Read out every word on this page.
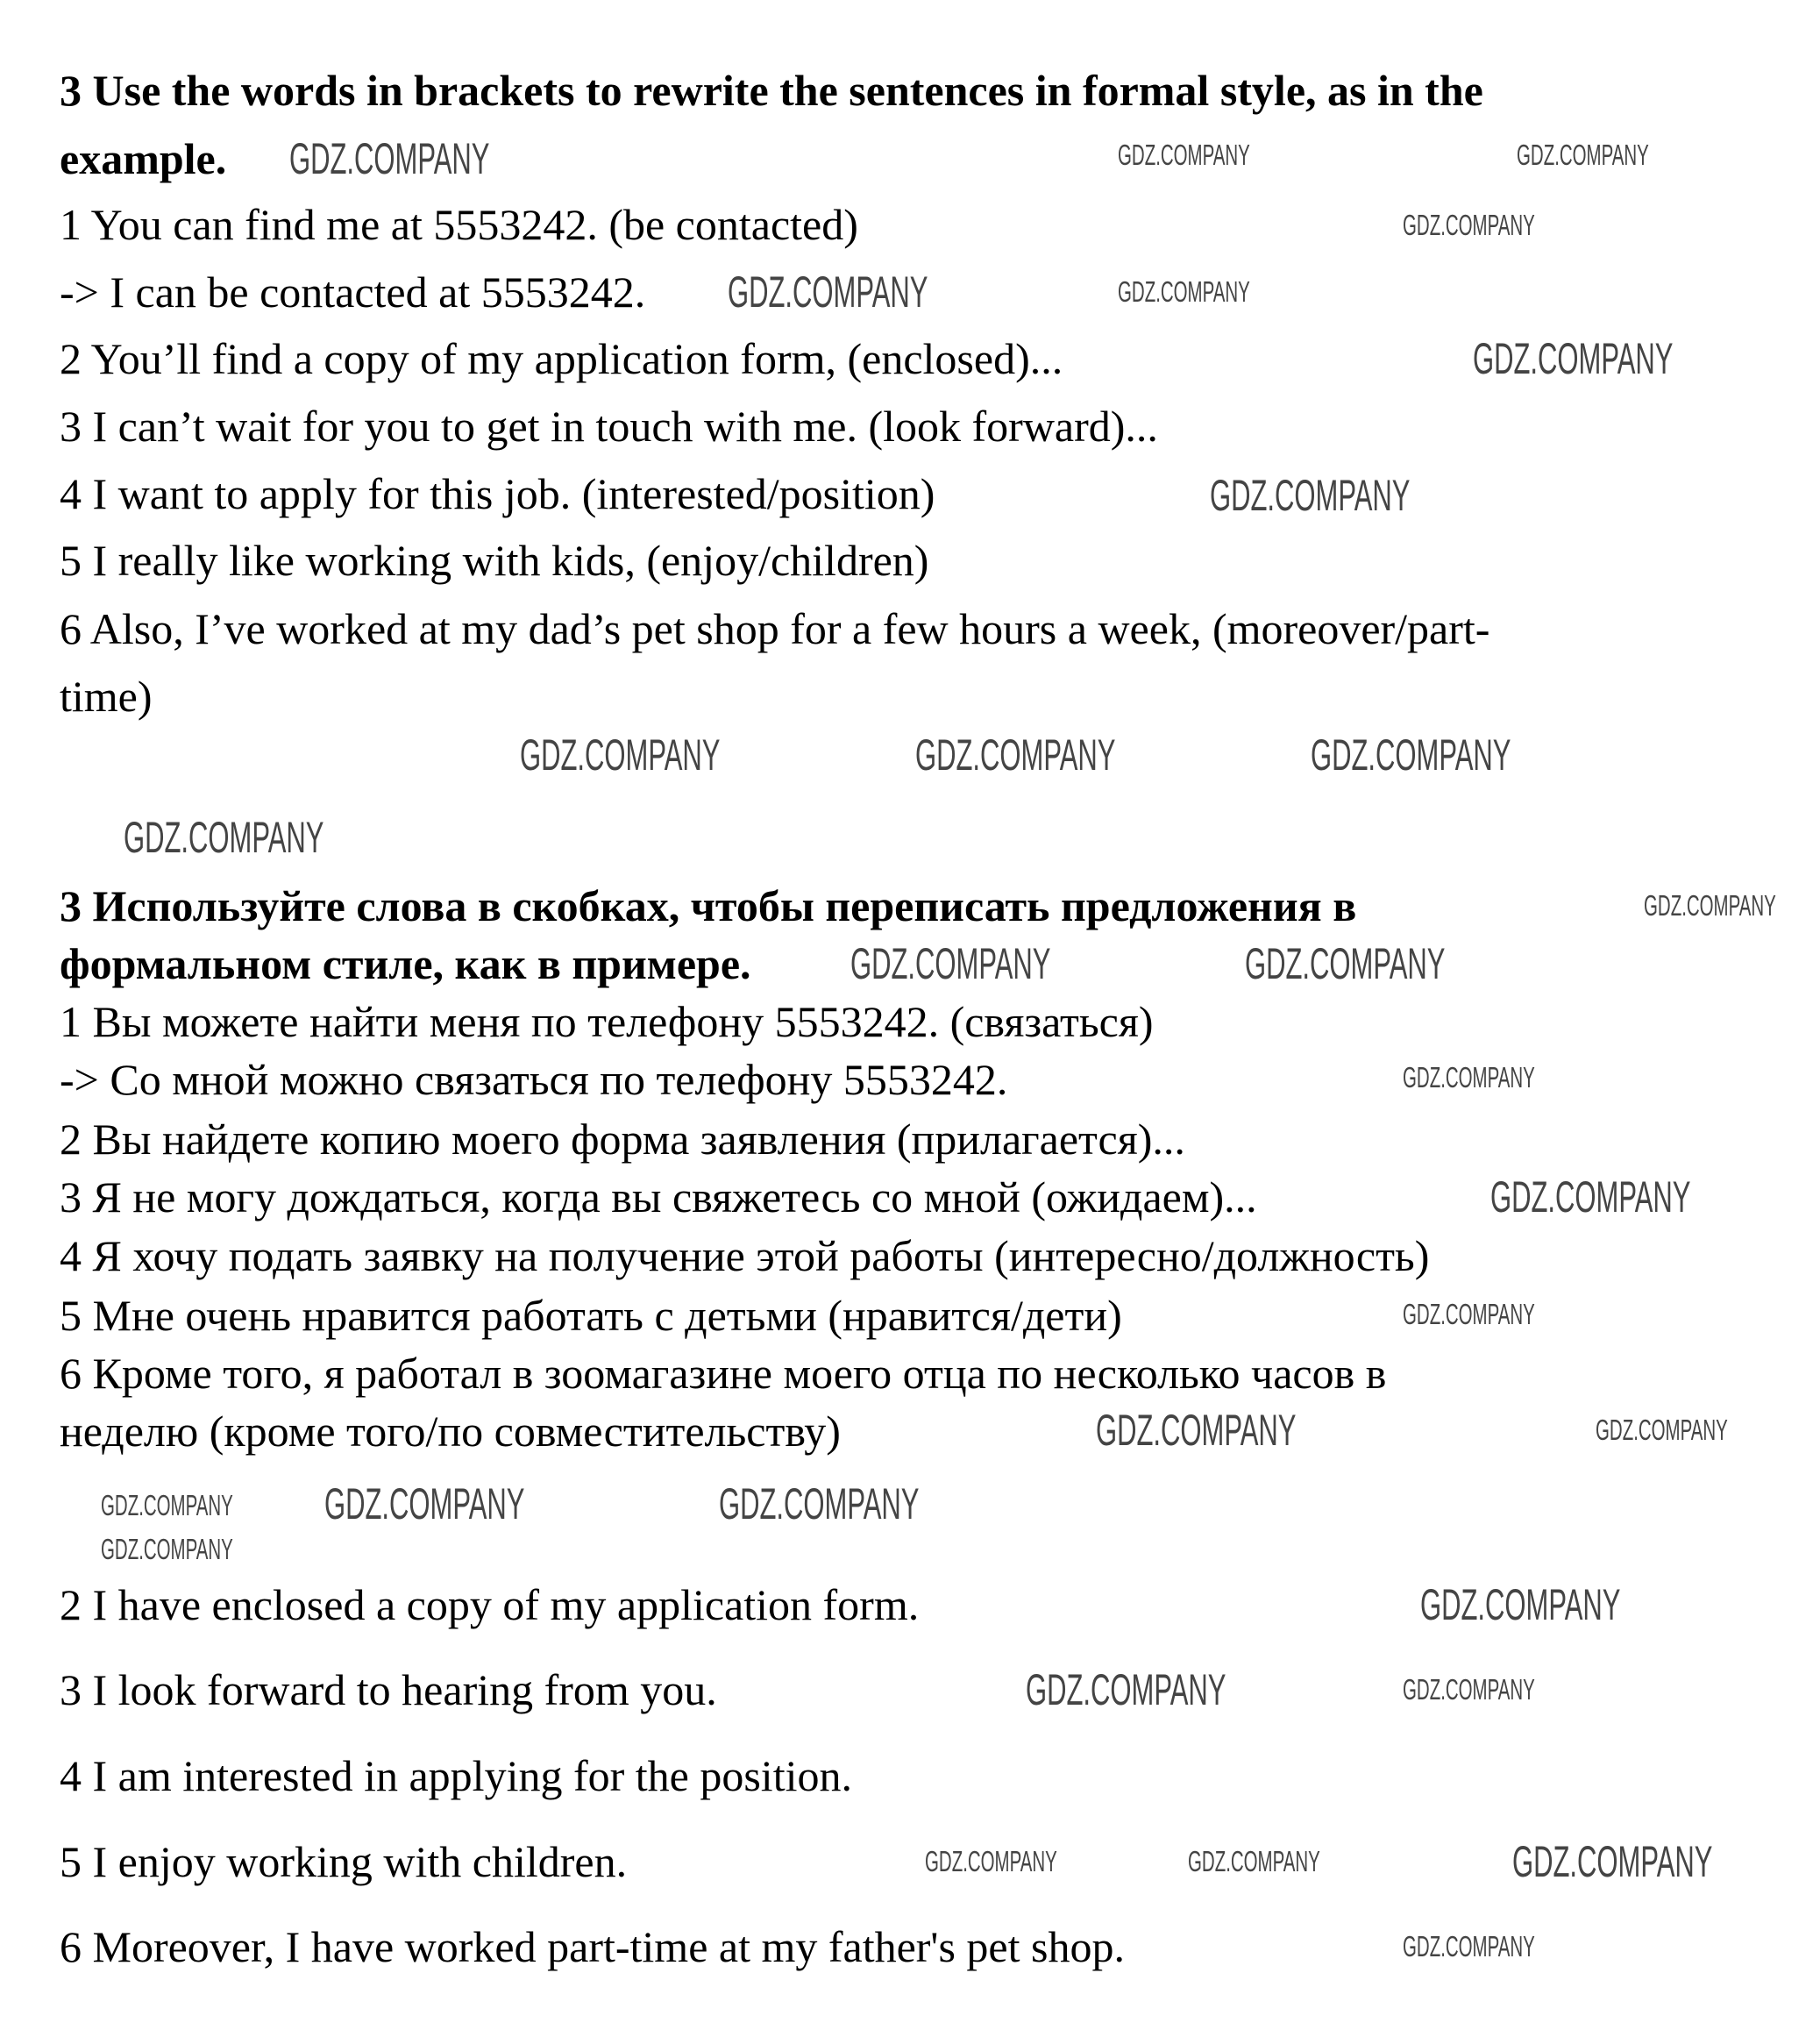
3 Use the words in brackets to rewrite the sentences in formal style, as in the
example.
1 You can find me at 5553242. (be contacted)
-> I can be contacted at 5553242.
2 You’ll find a copy of my application form, (enclosed)...
3 I can’t wait for you to get in touch with me. (look forward)...
4 I want to apply for this job. (interested/position)
5 I really like working with kids, (enjoy/children)
6 Also, I’ve worked at my dad’s pet shop for a few hours a week, (moreover/part-
time)
3 Используйте слова в скобках, чтобы переписать предложения в
формальном стиле, как в примере.
1 Вы можете найти меня по телефону 5553242. (связаться)
-> Со мной можно связаться по телефону 5553242.
2 Вы найдете копию моего форма заявления (прилагается)...
3 Я не могу дождаться, когда вы свяжетесь со мной (ожидаем)...
4 Я хочу подать заявку на получение этой работы (интересно/должность)
5 Мне очень нравится работать с детьми (нравится/дети)
6 Кроме того, я работал в зоомагазине моего отца по несколько часов в
неделю (кроме того/по совместительству)
2 I have enclosed a copy of my application form.
3 I look forward to hearing from you.
4 I am interested in applying for the position.
5 I enjoy working with children.
6 Moreover, I have worked part-time at my father's pet shop.
GDZ.COMPANY
GDZ.COMPANY
GDZ.COMPANY
GDZ.COMPANY
GDZ.COMPANY	GDZ.COMPANY	GDZ.COMPANY
GDZ.COMPANY
GDZ.COMPANY	GDZ.COMPANY
GDZ.COMPANY
GDZ.COMPANY
GDZ.COMPANY	GDZ.COMPANY
GDZ.COMPANY
GDZ.COMPANY
GDZ.COMPANY
GDZ.COMPANY	GDZ.COMPANY
GDZ.COMPANY
GDZ.COMPANY
GDZ.COMPANY
GDZ.COMPANY
GDZ.COMPANY
GDZ.COMPANY
GDZ.COMPANY
GDZ.COMPANY
GDZ.COMPANY
GDZ.COMPANY	GDZ.COMPANY
GDZ.COMPANY
